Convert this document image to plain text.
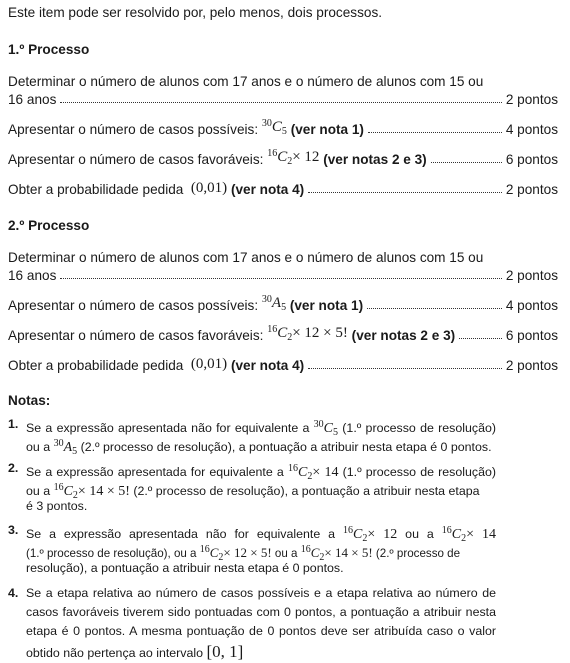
Este item pode ser resolvido por, pelo menos, dois processos.
1.º Processo
Determinar o número de alunos com 17 anos e o número de alunos com 15 ou
16 anos	2 pontos
Apresentar o número de casos possíveis:
$^{30}C_5$
(ver nota 1)	4 pontos
Apresentar o número de casos favoráveis:
$^{16}C_2\times 12$
(ver notas 2 e 3)	6 pontos
Obter a probabilidade pedida
(0,01)
(ver nota 4)	2 pontos
2.º Processo
Determinar o número de alunos com 17 anos e o número de alunos com 15 ou
16 anos	2 pontos
Apresentar o número de casos possíveis:
$^{30}A_5$
(ver nota 1)	4 pontos
Apresentar o número de casos favoráveis:
$^{16}C_2\times 12 \times 5$!
(ver notas 2 e 3)	6 pontos
Obter a probabilidade pedida
(0,01)
(ver nota 4)	2 pontos
Notas:
1. Se a expressão apresentada não for equivalente a $^{30}C_5$ (1.º processo de resolução)
ou a $^{30}A_5$ (2.º processo de resolução), a pontuação a atribuir nesta etapa é 0 pontos.
2. Se a expressão apresentada for equivalente a $^{16}C_2\times 14$ (1.º processo de resolução)
ou a $^{16}C_2\times 14 \times 5$! (2.º processo de resolução), a pontuação a atribuir nesta etapa
é 3 pontos.
3. Se a expressão apresentada não for equivalente a $^{16}C_2\times 12$ ou a $^{16}C_2\times 14$
(1.º processo de resolução), ou a $^{16}C_2\times 12 \times 5$! ou a $^{16}C_2\times 14 \times 5$! (2.º processo de
resolução), a pontuação a atribuir nesta etapa é 0 pontos.
4. Se a etapa relativa ao número de casos possíveis e a etapa relativa ao número de
casos favoráveis tiverem sido pontuadas com 0 pontos, a pontuação a atribuir nesta
etapa é 0 pontos. A mesma pontuação de 0 pontos deve ser atribuída caso o valor
obtido não pertença ao intervalo [0, 1]
